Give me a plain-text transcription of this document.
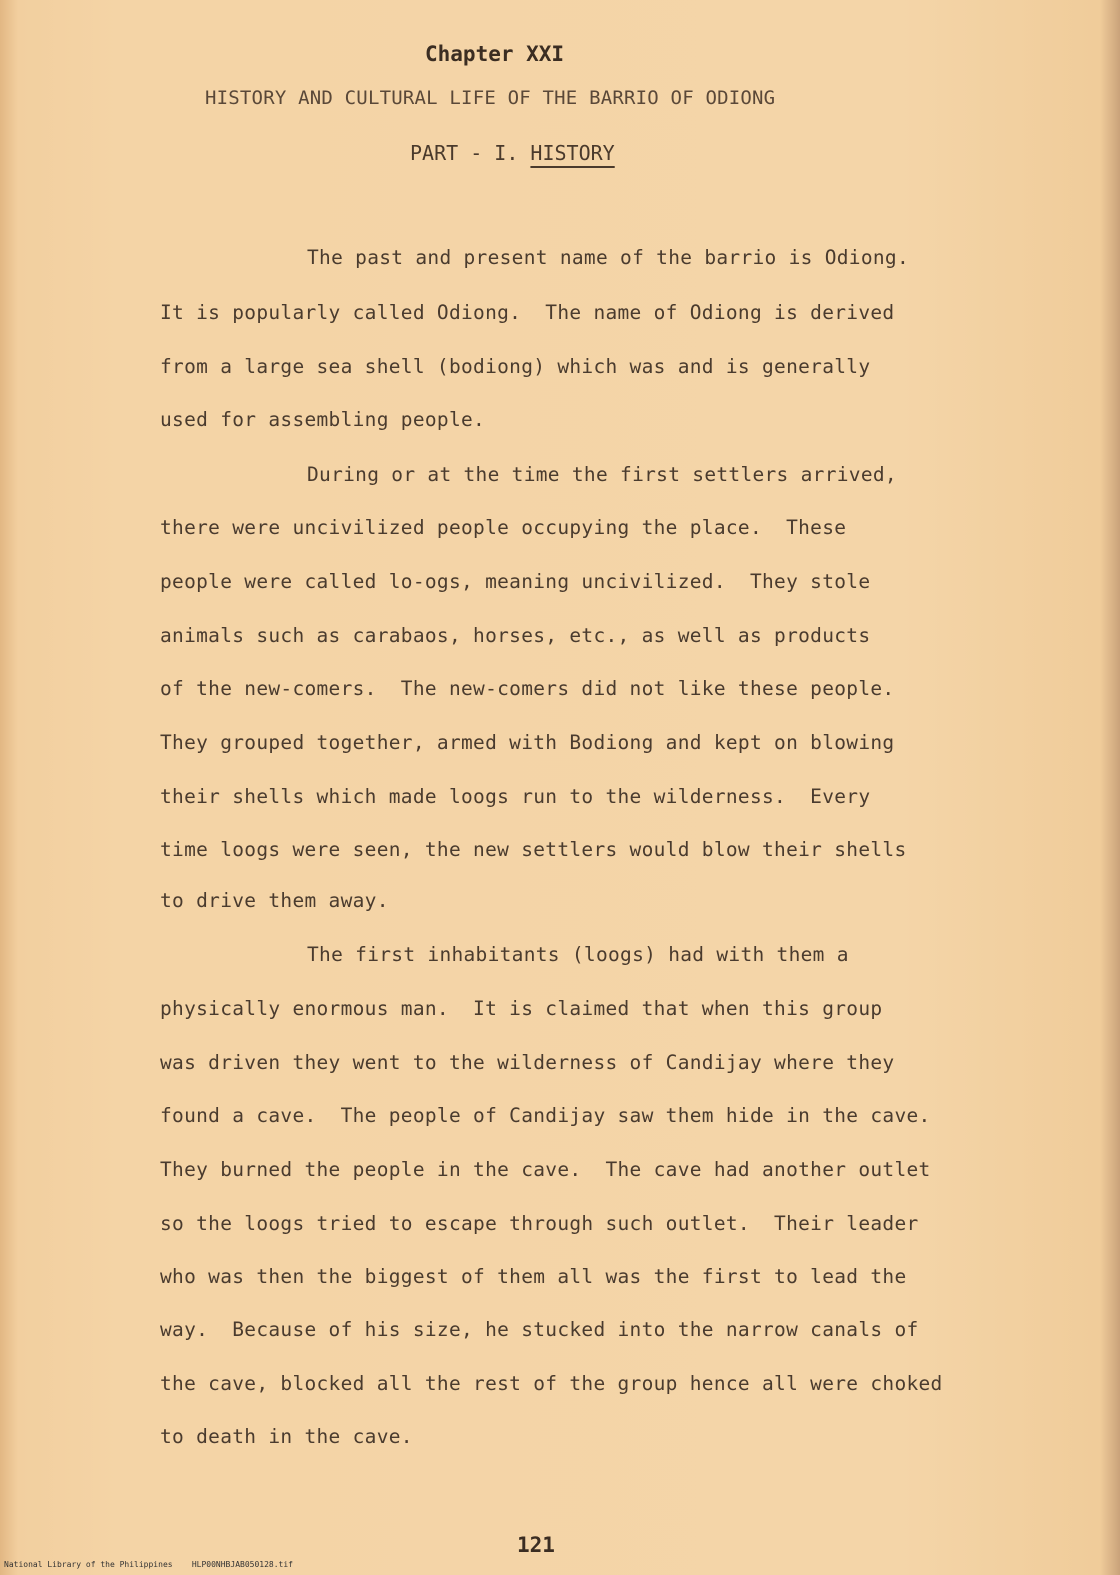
Chapter XXI
HISTORY AND CULTURAL LIFE OF THE BARRIO OF ODIONG
PART - I. HISTORY
The past and present name of the barrio is Odiong.
It is popularly called Odiong.  The name of Odiong is derived
from a large sea shell (bodiong) which was and is generally
used for assembling people.
During or at the time the first settlers arrived,
there were uncivilized people occupying the place.  These
people were called lo-ogs, meaning uncivilized.  They stole
animals such as carabaos, horses, etc., as well as products
of the new-comers.  The new-comers did not like these people.
They grouped together, armed with Bodiong and kept on blowing
their shells which made loogs run to the wilderness.  Every
time loogs were seen, the new settlers would blow their shells
to drive them away.
The first inhabitants (loogs) had with them a
physically enormous man.  It is claimed that when this group
was driven they went to the wilderness of Candijay where they
found a cave.  The people of Candijay saw them hide in the cave.
They burned the people in the cave.  The cave had another outlet
so the loogs tried to escape through such outlet.  Their leader
who was then the biggest of them all was the first to lead the
way.  Because of his size, he stucked into the narrow canals of
the cave, blocked all the rest of the group hence all were choked
to death in the cave.
121
National Library of the Philippines    HLP00NHBJAB050128.tif
